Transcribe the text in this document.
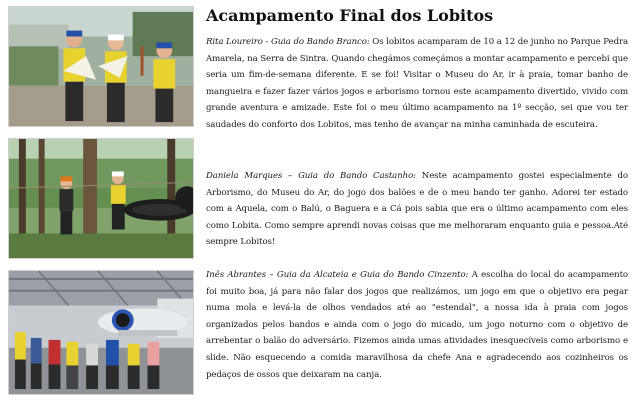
Acampamento Final dos Lobitos

Rita Loureiro - Guia do Bando Branco: Os lobitos acamparam de 10 a 12 de junho no Parque Pedra Amarela, na Serra de Sintra. Quando chegámos começámos a montar acampamento e percebi que seria um fim-de-semana diferente. E se foi! Visitar o Museu do Ar, ir à praia, tomar banho de mangueira e fazer fazer vários jogos e arborismo tornou este acampamento divertido, vivido com grande aventura e amizade. Este foi o meu último acampamento na 1º secção, sei que vou ter saudades do conforto dos Lobitos, mas tenho de avançar na minha caminhada de escuteira.

Daniela Marques – Guia do Bando Castanho: Neste acampamento gostei especialmente do Arborismo, do Museu do Ar, do jogo dos balões e de o meu bando ter ganho. Adorei ter estado com a Aquela, com o Balú, o Baguera e a Cá pois sabia que era o último acampamento com eles como Lobita. Como sempre aprendi novas coisas que me melhoraram enquanto guia e pessoa.Até sempre Lobitos!

Inês Abrantes – Guia da Alcateia e Guia do Bando Cinzento: A escolha do local do acampamento foi muito boa, já para não falar dos jogos que realizámos, um jogo em que o objetivo era pegar numa mola e levá-la de olhos vendados até ao "estendal", a nossa ida à praia com jogos organizados pelos bandos e ainda com o jogo do micado, um jogo noturno com o objetivo de arrebentar o balão do adversário. Fizemos ainda umas atividades inesquecíveis como arborismo e slide. Não esquecendo a comida maravilhosa da chefe Ana e agradecendo aos cozinheiros os pedaços de ossos que deixaram na canja.
